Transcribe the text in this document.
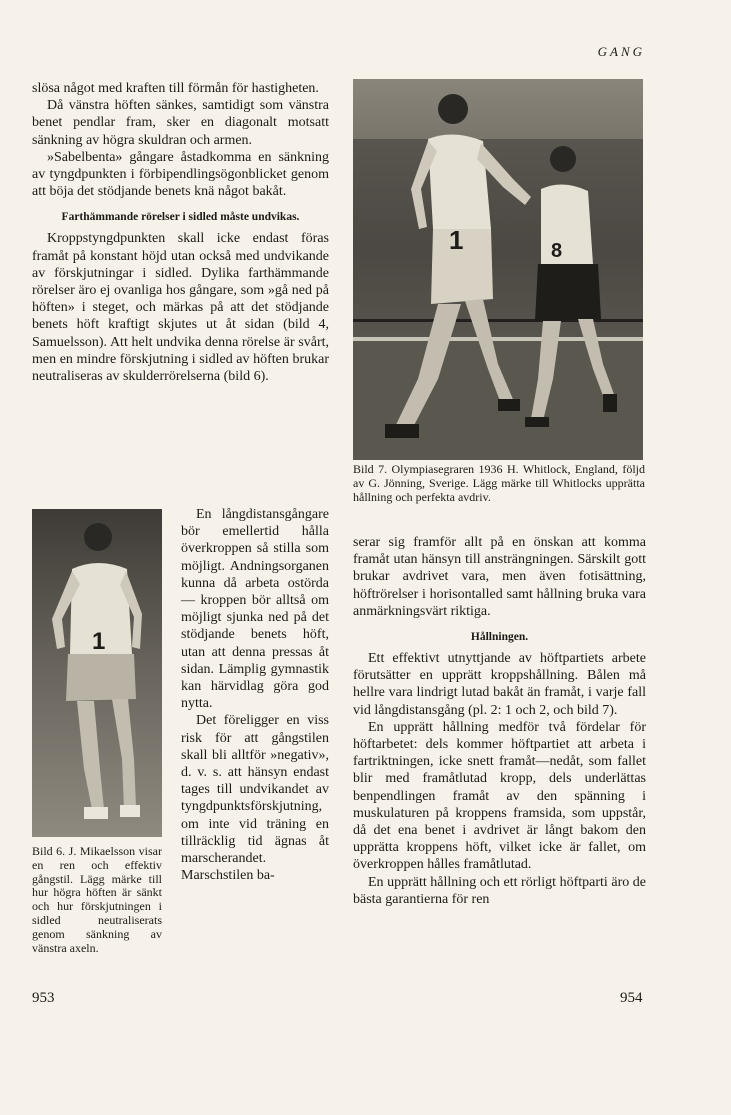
GANG

slösa något med kraften till förmån för hastigheten.

Då vänstra höften sänkes, samtidigt som vänstra benet pendlar fram, sker en diagonalt motsatt sänkning av högra skuldran och armen.

»Sabelbenta» gångare åstadkomma en sänkning av tyngdpunkten i förbipendlingsögonblicket genom att böja det stödjande benets knä något bakåt.

Farthämmande rörelser i sidled måste undvikas.

Kroppstyngdpunkten skall icke endast föras framåt på konstant höjd utan också med undvikande av förskjutningar i sidled. Dylika farthämmande rörelser äro ej ovanliga hos gångare, som »gå ned på höften» i steget, och märkas på att det stödjande benets höft kraftigt skjutes ut åt sidan (bild 4, Samuelsson). Att helt undvika denna rörelse är svårt, men en mindre förskjutning i sidled av höften brukar neutraliseras av skulderrörelserna (bild 6).

En långdistansgångare bör emellertid hålla överkroppen så stilla som möjligt. Andningsorganen kunna då arbeta ostörda — kroppen bör alltså om möjligt sjunka ned på det stödjande benets höft, utan att denna pressas åt sidan. Lämplig gymnastik kan härvidlag göra god nytta.

Det föreligger en viss risk för att gångstilen skall bli alltför »negativ», d. v. s. att hänsyn endast tages till undvikandet av tyngdpunktsförskjutning, om inte vid träning en tillräcklig tid ägnas åt marscherandet. Marschstilen ba-

1	8
Bild 7. Olympiasegraren 1936 H. Whitlock, England, följd av G. Jönning, Sverige. Lägg märke till Whitlocks upprätta hållning och perfekta avdriv.

serar sig framför allt på en önskan att komma framåt utan hänsyn till ansträngningen. Särskilt gott brukar avdrivet vara, men även fotisättning, höftrörelser i horisontalled samt hållning bruka vara anmärkningsvärt riktiga.

Hållningen.

Ett effektivt utnyttjande av höftpartiets arbete förutsätter en upprätt kroppshållning. Bålen må hellre vara lindrigt lutad bakåt än framåt, i varje fall vid långdistansgång (pl. 2: 1 och 2, och bild 7).

En upprätt hållning medför två fördelar för höftarbetet: dels kommer höftpartiet att arbeta i fartriktningen, icke snett framåt—nedåt, som fallet blir med framåtlutad kropp, dels underlättas benpendlingen framåt av den spänning i muskulaturen på kroppens framsida, som uppstår, då det ena benet i avdrivet är långt bakom den upprätta kroppens höft, vilket icke är fallet, om överkroppen hålles framåtlutad.

En upprätt hållning och ett rörligt höftparti äro de bästa garantierna för ren

1
Bild 6. J. Mikaelsson visar en ren och effektiv gångstil. Lägg märke till hur högra höften är sänkt och hur förskjutningen i sidled neutraliserats genom sänkning av vänstra axeln.
953	954
